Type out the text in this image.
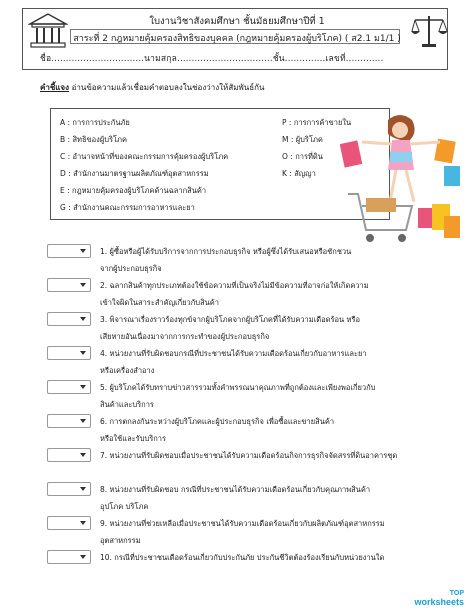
ใบงานวิชาสังคมศึกษา ชั้นมัธยมศึกษาปีที่ 1
สาระที่ 2 กฎหมายคุ้มครองสิทธิของบุคคล (กฎหมายคุ้มครองผู้บริโภค) ( ส2.1 ม1/1 )
ชื่อ................................นามสกุล.................................ชั้น..............เลขที่.............
คำชี้แจง อ่านข้อความแล้วเชื่อมคำตอบลงในช่องว่างให้สัมพันธ์กัน
A : การการประกันภัย
B : สิทธิของผู้บริโภค
C : อำนาจหน้าที่ของคณะกรรมการคุ้มครองผู้บริโภค
D : สำนักงานมาตรฐานผลิตภัณฑ์อุตสาหกรรม
E : กฎหมายคุ้มครองผู้บริโภคด้านฉลากสินค้า
G : สำนักงานคณะกรรมการอาหารและยา
P : การการค้าขายใน
M : ผู้บริโภค
O : การที่ดิน
K : สัญญา
1. ผู้ซื้อหรือผู้ได้รับบริการจากการประกอบธุรกิจ หรือผู้ซึ่งได้รับเสนอหรือชักชวน
จากผู้ประกอบธุรกิจ
2. ฉลากสินค้าทุกประเภทต้องใช้ข้อความที่เป็นจริงไม่มีข้อความที่อาจก่อให้เกิดความ
เข้าใจผิดในสาระสำคัญเกี่ยวกับสินค้า
3. พิจารณาเรื่องราวร้องทุกข์จากผู้บริโภคจากผู้บริโภคที่ได้รับความเดือดร้อน หรือ
เสียหายอันเนื่องมาจากการกระทำของผู้ประกอบธุรกิจ
4. หน่วยงานที่รับผิดชอบกรณีที่ประชาชนได้รับความเดือดร้อนเกี่ยวกับอาหารและยา
หรือเครื่องสำอาง
5. ผู้บริโภคได้รับทราบข่าวสารรวมทั้งคำพรรณนาคุณภาพที่ถูกต้องและเพียงพอเกี่ยวกับ
สินค้าและบริการ
6. การตกลงกันระหว่างผู้บริโภคและผู้ประกอบธุรกิจ เพื่อซื้อและขายสินค้า
หรือใช้และรับบริการ
7. หน่วยงานที่รับผิดชอบเมื่อประชาชนได้รับความเดือดร้อนกิจการธุรกิจจัดสรรที่ดินอาคารชุด
8. หน่วยงานที่รับผิดชอบ กรณีที่ประชาชนได้รับความเดือดร้อนเกี่ยวกับคุณภาพสินค้า
อุปโภค บริโภค
9. หน่วยงานที่ช่วยเหลือเมื่อประชาชนได้รับความเดือดร้อนเกี่ยวกับผลิตภัณฑ์อุตสาหกรรม
อุตสาหกรรม
10. กรณีที่ประชาชนเดือดร้อนเกี่ยวกับประกันภัย ประกันชีวิตต้องร้องเรียนกับหน่วยงานใด
TOP
worksheets
